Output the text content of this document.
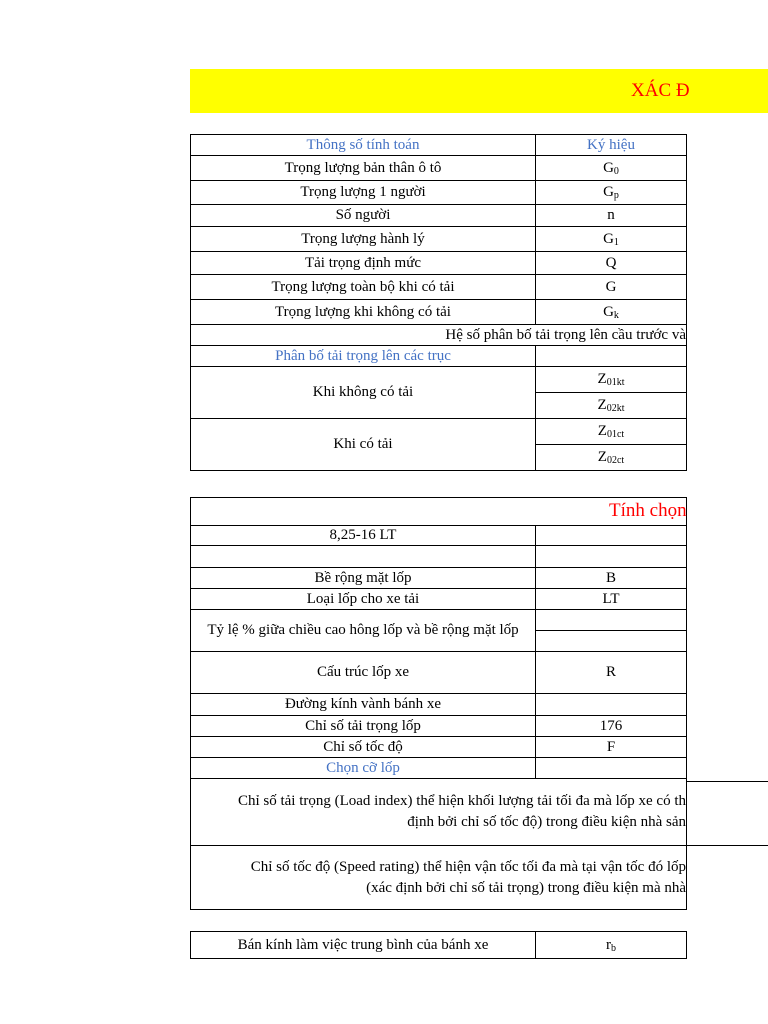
XÁC Đ
Thông số tính toán	Ký hiệu
Trọng lượng bản thân ô tô	$G_0$
Trọng lượng 1 người	$G_p$
Số người	n
Trọng lượng hành lý	$G_1$
Tải trọng định mức	Q
Trọng lượng toàn bộ khi có tải	G
Trọng lượng khi không có tải	$G_k$
Hệ số phân bố tải trọng lên cầu trước và	
Phân bố tải trọng lên các trục	
Khi không có tải	$Z_{01kt}$
	$Z_{02kt}$
Khi có tải	$Z_{01ct}$
	$Z_{02ct}$
Tính chọn	
8,25-16 LT	

Bề rộng mặt lốp	B
Loại lốp cho xe tải	LT
Tỷ lệ % giữa chiều cao hông lốp và bề rộng mặt lốp	

Cấu trúc lốp xe	R
Đường kính vành bánh xe	
Chỉ số tải trọng lốp	176
Chỉ số tốc độ	F
Chọn cỡ lốp	

Chỉ số tải trọng (Load index) thể hiện khối lượng tải tối đa mà lốp xe có th
định bởi chỉ số tốc độ) trong điều kiện nhà sản	

Chỉ số tốc độ (Speed rating) thể hiện vận tốc tối đa mà tại vận tốc đó lốp
(xác định bởi chỉ số tải trọng) trong điều kiện mà nhà	

Bán kính làm việc trung bình của bánh xe	$r_b$
